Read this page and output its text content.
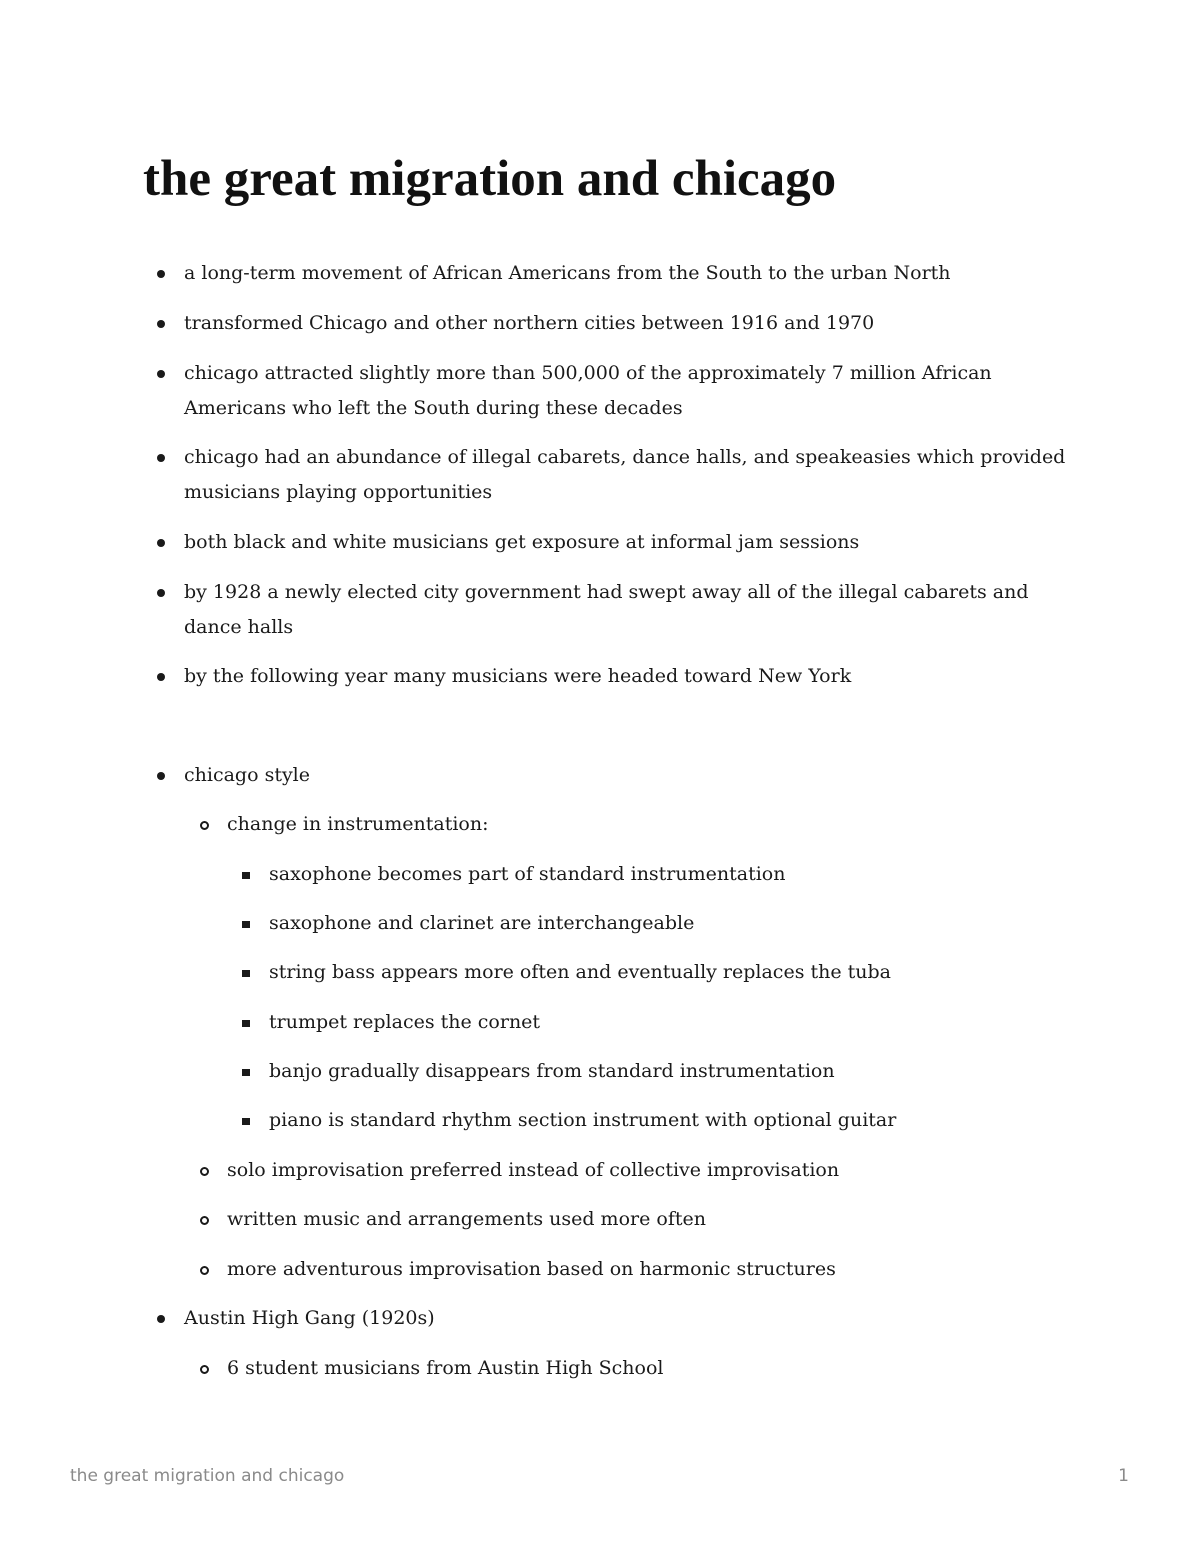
the great migration and chicago
a long-term movement of African Americans from the South to the urban North
transformed Chicago and other northern cities between 1916 and 1970
chicago attracted slightly more than 500,000 of the approximately 7 million African
Americans who left the South during these decades
chicago had an abundance of illegal cabarets, dance halls, and speakeasies which provided
musicians playing opportunities
both black and white musicians get exposure at informal jam sessions
by 1928 a newly elected city government had swept away all of the illegal cabarets and
dance halls
by the following year many musicians were headed toward New York
chicago style
change in instrumentation:
saxophone becomes part of standard instrumentation
saxophone and clarinet are interchangeable
string bass appears more often and eventually replaces the tuba
trumpet replaces the cornet
banjo gradually disappears from standard instrumentation
piano is standard rhythm section instrument with optional guitar
solo improvisation preferred instead of collective improvisation
written music and arrangements used more often
more adventurous improvisation based on harmonic structures
Austin High Gang (1920s)
6 student musicians from Austin High School
the great migration and chicago	1
